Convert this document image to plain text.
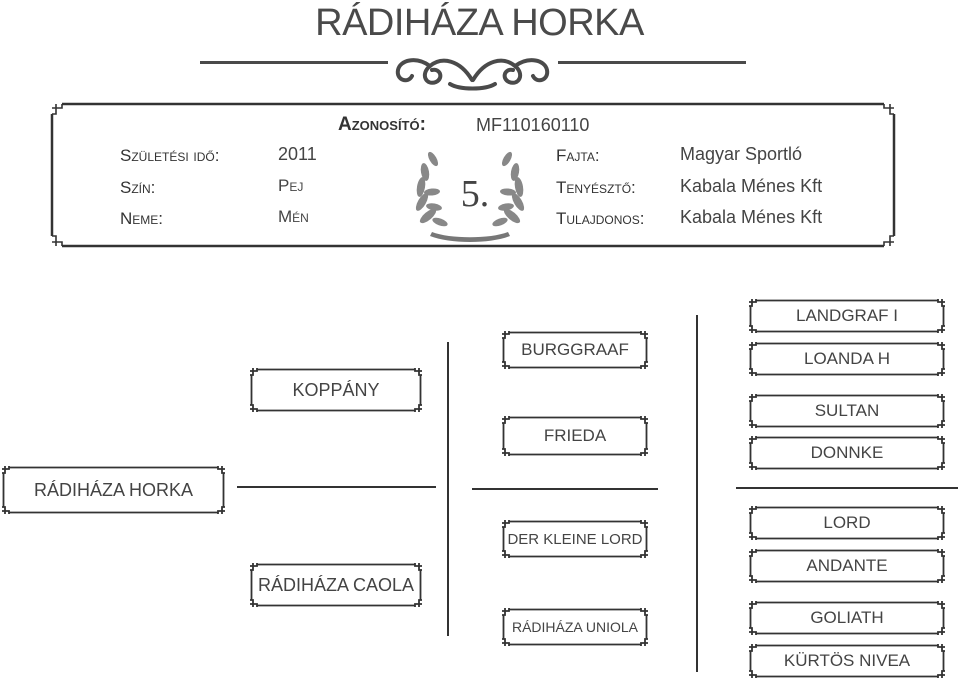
RÁDIHÁZA HORKA
Azonosító:	MF110160110
Születési idő:	2011
Szín:	Pej
Neme:	Mén
Fajta:	Magyar Sportló
Tenyésztő: Kabala Ménes Kft
Tulajdonos: Kabala Ménes Kft
5.
RÁDIHÁZA HORKA
KOPPÁNY
RÁDIHÁZA CAOLA
BURGGRAAF
FRIEDA
DER KLEINE LORD
RÁDIHÁZA UNIOLA
LANDGRAF I
LOANDA H
SULTAN
DONNKE
LORD
ANDANTE
GOLIATH
KÜRTÖS NIVEA
